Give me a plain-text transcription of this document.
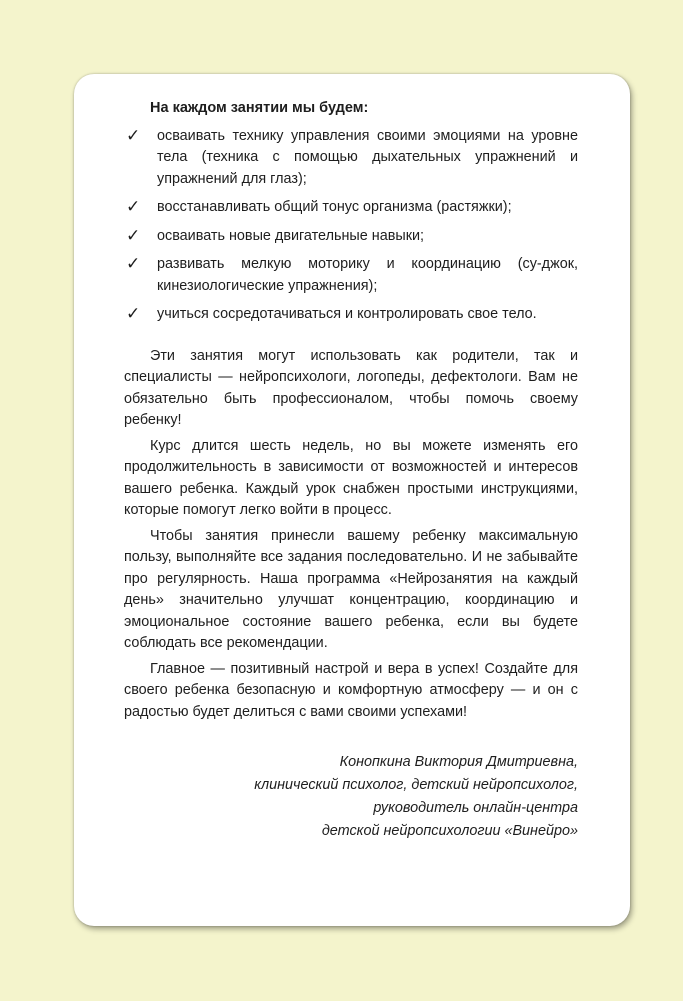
На каждом занятии мы будем:
✓ осваивать технику управления своими эмоциями на уровне тела (техника с помощью дыхательных упражнений и упражнений для глаз);
✓ восстанавливать общий тонус организма (растяжки);
✓ осваивать новые двигательные навыки;
✓ развивать мелкую моторику и координацию (су-джок, кинезиологические упражнения);
✓ учиться сосредотачиваться и контролировать свое тело.

Эти занятия могут использовать как родители, так и специалисты — нейропсихологи, логопеды, дефектологи. Вам не обязательно быть профессионалом, чтобы помочь своему ребенку!

Курс длится шесть недель, но вы можете изменять его продолжительность в зависимости от возможностей и интересов вашего ребенка. Каждый урок снабжен простыми инструкциями, которые помогут легко войти в процесс.

Чтобы занятия принесли вашему ребенку максимальную пользу, выполняйте все задания последовательно. И не забывайте про регулярность. Наша программа «Нейрозанятия на каждый день» значительно улучшат концентрацию, координацию и эмоциональное состояние вашего ребенка, если вы будете соблюдать все рекомендации.

Главное — позитивный настрой и вера в успех! Создайте для своего ребенка безопасную и комфортную атмосферу — и он с радостью будет делиться с вами своими успехами!

Конопкина Виктория Дмитриевна,
клинический психолог, детский нейропсихолог,
руководитель онлайн-центра
детской нейропсихологии «Винейро»
